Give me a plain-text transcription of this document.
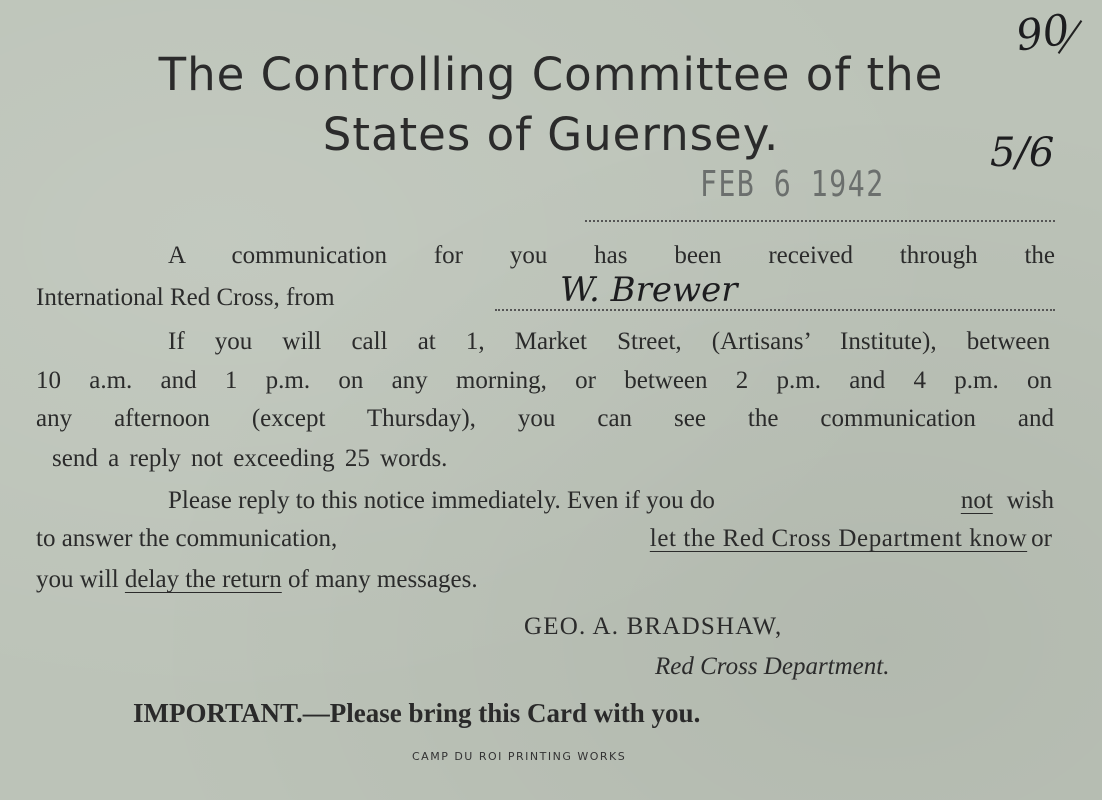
The Controlling Committee of the
States of Guernsey.
90
5/6
FEB 6 1942
A communication for you has been received through the
International Red Cross, from	W. Brewer
If you will call at 1, Market Street, (Artisans’ Institute), between
10 a.m. and 1 p.m. on any morning, or between 2 p.m. and 4 p.m. on
any afternoon (except Thursday), you can see the communication and
send a reply not exceeding 25 words.
Please reply to this notice immediately. Even if you do	not wish
to answer the communication,	let the Red Cross Department know or
you will delay the return of many messages.
GEO. A. BRADSHAW,
Red Cross Department.
IMPORTANT.—Please bring this Card with you.
CAMP DU ROI PRINTING WORKS
